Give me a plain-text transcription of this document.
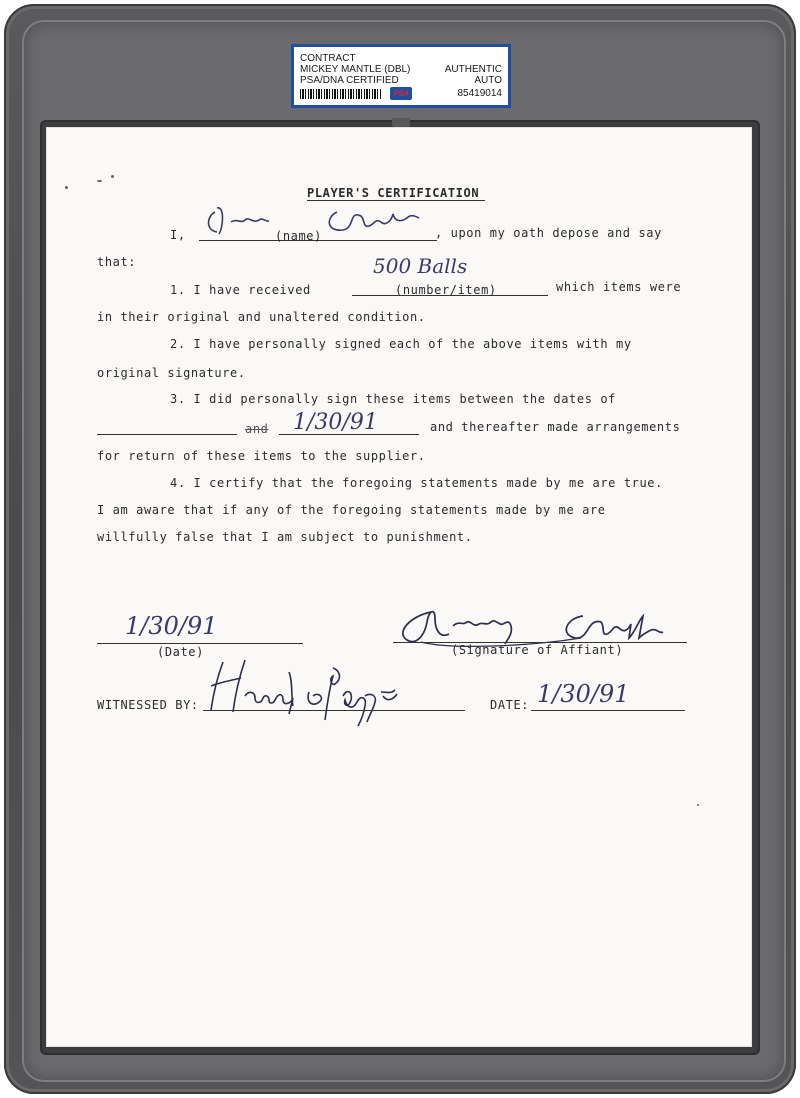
CONTRACT
MICKEY MANTLE (DBL)
PSA/DNA CERTIFIED
AUTHENTIC
AUTO
85419014
PSA
PLAYER'S CERTIFICATION
I,	(name)	, upon my oath depose and say
that:
1. I have received	(number/item)	which items were
500 Balls
in their original and unaltered condition.
2. I have personally signed each of the above items with my
original signature.
3. I did personally sign these items between the dates of
and 1/30/91	and thereafter made arrangements
for return of these items to the supplier.
4. I certify that the foregoing statements made by me are true.
I am aware that if any of the foregoing statements made by me are
willfully false that I am subject to punishment.
1/30/91
(Date)	(Signature of Affiant)
WITNESSED BY:	DATE: 1/30/91
